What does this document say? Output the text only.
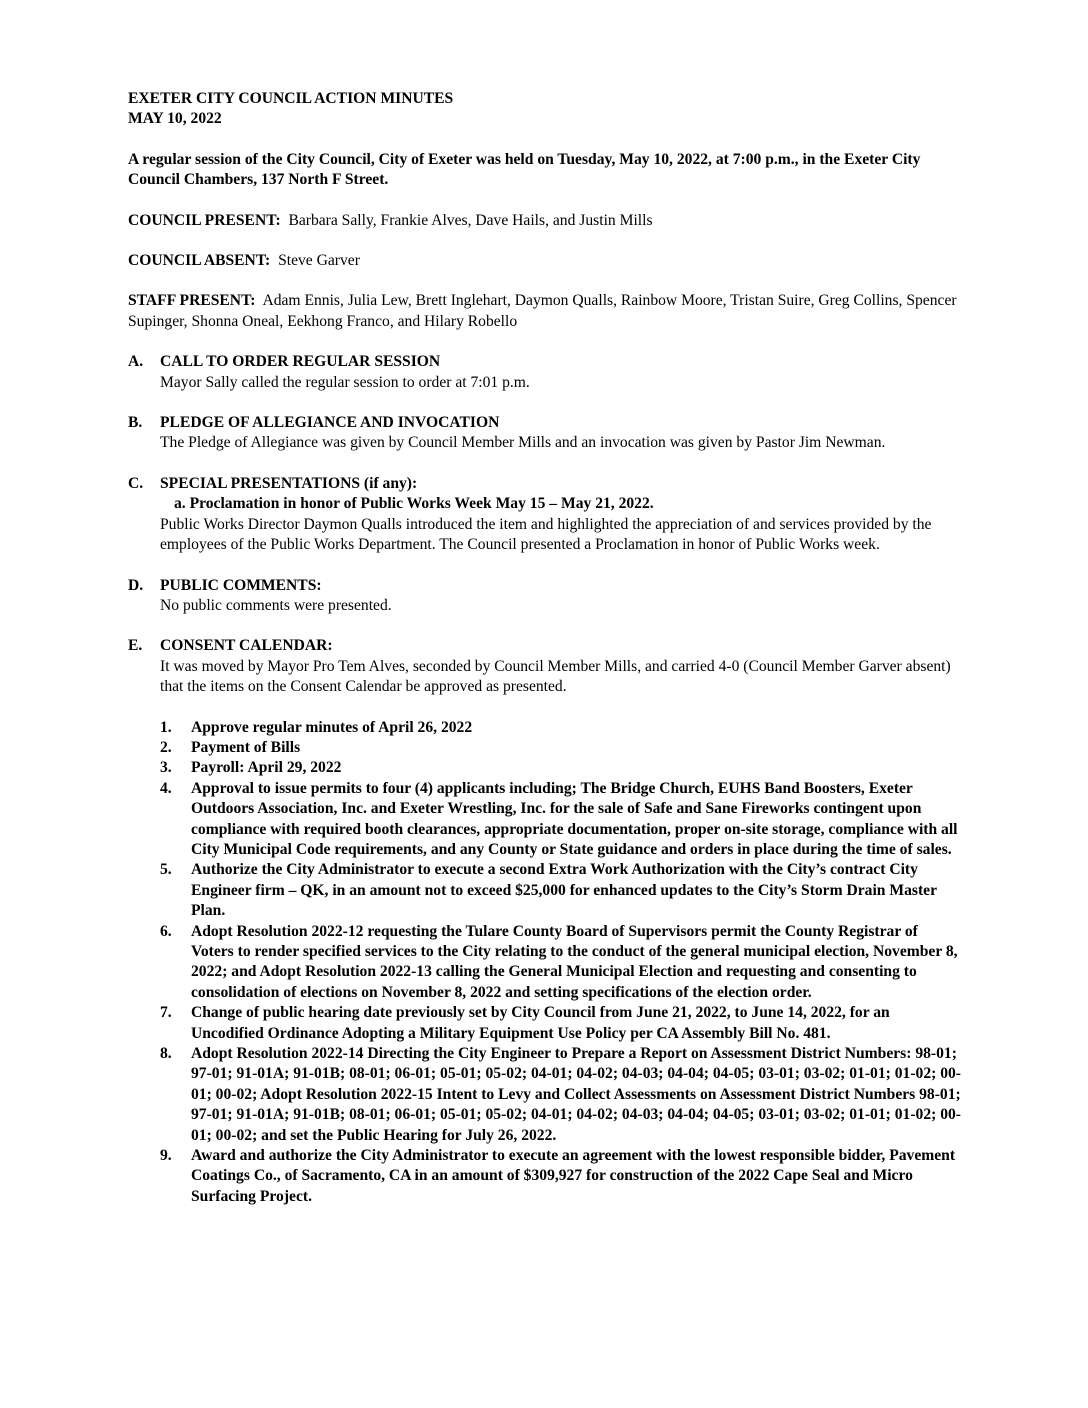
EXETER CITY COUNCIL ACTION MINUTES
MAY 10, 2022
A regular session of the City Council, City of Exeter was held on Tuesday, May 10, 2022, at 7:00 p.m., in the Exeter City Council Chambers, 137 North F Street.
COUNCIL PRESENT: Barbara Sally, Frankie Alves, Dave Hails, and Justin Mills
COUNCIL ABSENT: Steve Garver
STAFF PRESENT: Adam Ennis, Julia Lew, Brett Inglehart, Daymon Qualls, Rainbow Moore, Tristan Suire, Greg Collins, Spencer Supinger, Shonna Oneal, Eekhong Franco, and Hilary Robello
A.	CALL TO ORDER REGULAR SESSION
Mayor Sally called the regular session to order at 7:01 p.m.
B.	PLEDGE OF ALLEGIANCE AND INVOCATION
The Pledge of Allegiance was given by Council Member Mills and an invocation was given by Pastor Jim Newman.
C.	SPECIAL PRESENTATIONS (if any):
a. Proclamation in honor of Public Works Week May 15 – May 21, 2022.
Public Works Director Daymon Qualls introduced the item and highlighted the appreciation of and services provided by the employees of the Public Works Department. The Council presented a Proclamation in honor of Public Works week.
D.	PUBLIC COMMENTS:
No public comments were presented.
E.	CONSENT CALENDAR:
It was moved by Mayor Pro Tem Alves, seconded by Council Member Mills, and carried 4-0 (Council Member Garver absent) that the items on the Consent Calendar be approved as presented.
1.	Approve regular minutes of April 26, 2022
2.	Payment of Bills
3.	Payroll: April 29, 2022
4.	Approval to issue permits to four (4) applicants including; The Bridge Church, EUHS Band Boosters, Exeter Outdoors Association, Inc. and Exeter Wrestling, Inc. for the sale of Safe and Sane Fireworks contingent upon compliance with required booth clearances, appropriate documentation, proper on-site storage, compliance with all City Municipal Code requirements, and any County or State guidance and orders in place during the time of sales.
5.	Authorize the City Administrator to execute a second Extra Work Authorization with the City’s contract City Engineer firm – QK, in an amount not to exceed $25,000 for enhanced updates to the City’s Storm Drain Master Plan.
6.	Adopt Resolution 2022-12 requesting the Tulare County Board of Supervisors permit the County Registrar of Voters to render specified services to the City relating to the conduct of the general municipal election, November 8, 2022; and Adopt Resolution 2022-13 calling the General Municipal Election and requesting and consenting to consolidation of elections on November 8, 2022 and setting specifications of the election order.
7.	Change of public hearing date previously set by City Council from June 21, 2022, to June 14, 2022, for an Uncodified Ordinance Adopting a Military Equipment Use Policy per CA Assembly Bill No. 481.
8.	Adopt Resolution 2022-14 Directing the City Engineer to Prepare a Report on Assessment District Numbers: 98-01; 97-01; 91-01A; 91-01B; 08-01; 06-01; 05-01; 05-02; 04-01; 04-02; 04-03; 04-04; 04-05; 03-01; 03-02; 01-01; 01-02; 00-01; 00-02; Adopt Resolution 2022-15 Intent to Levy and Collect Assessments on Assessment District Numbers 98-01; 97-01; 91-01A; 91-01B; 08-01; 06-01; 05-01; 05-02; 04-01; 04-02; 04-03; 04-04; 04-05; 03-01; 03-02; 01-01; 01-02; 00-01; 00-02; and set the Public Hearing for July 26, 2022.
9.	Award and authorize the City Administrator to execute an agreement with the lowest responsible bidder, Pavement Coatings Co., of Sacramento, CA in an amount of $309,927 for construction of the 2022 Cape Seal and Micro Surfacing Project.
